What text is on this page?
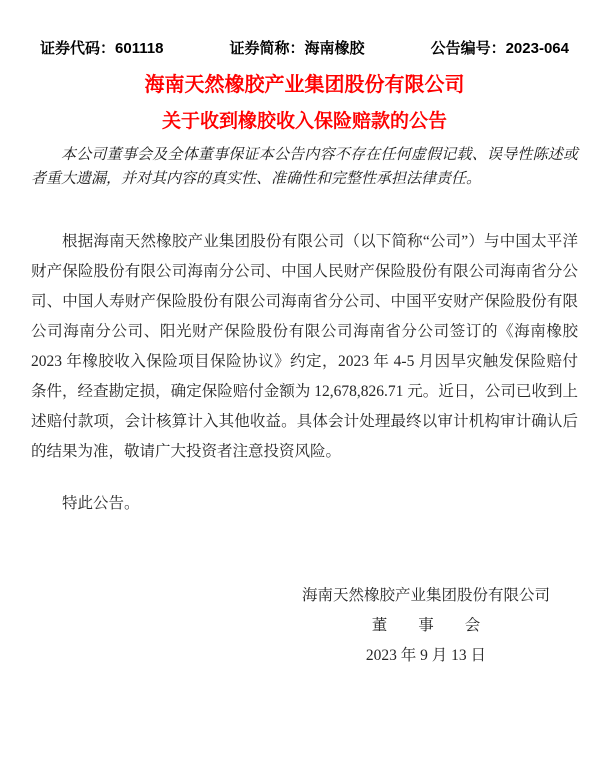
证券代码：601118	证券简称：海南橡胶	公告编号：2023-064
海南天然橡胶产业集团股份有限公司
关于收到橡胶收入保险赔款的公告

本公司董事会及全体董事保证本公告内容不存在任何虚假记载、误导性陈述或者重大遗漏，并对其内容的真实性、准确性和完整性承担法律责任。

根据海南天然橡胶产业集团股份有限公司（以下简称“公司”）与中国太平洋财产保险股份有限公司海南分公司、中国人民财产保险股份有限公司海南省分公司、中国人寿财产保险股份有限公司海南省分公司、中国平安财产保险股份有限公司海南分公司、阳光财产保险股份有限公司海南省分公司签订的《海南橡胶 2023 年橡胶收入保险项目保险协议》约定，2023 年 4-5 月因旱灾触发保险赔付条件，经查勘定损，确定保险赔付金额为 12,678,826.71 元。近日，公司已收到上述赔付款项，会计核算计入其他收益。具体会计处理最终以审计机构审计确认后的结果为准，敬请广大投资者注意投资风险。

特此公告。

海南天然橡胶产业集团股份有限公司
董　　事　　会
2023 年 9 月 13 日
